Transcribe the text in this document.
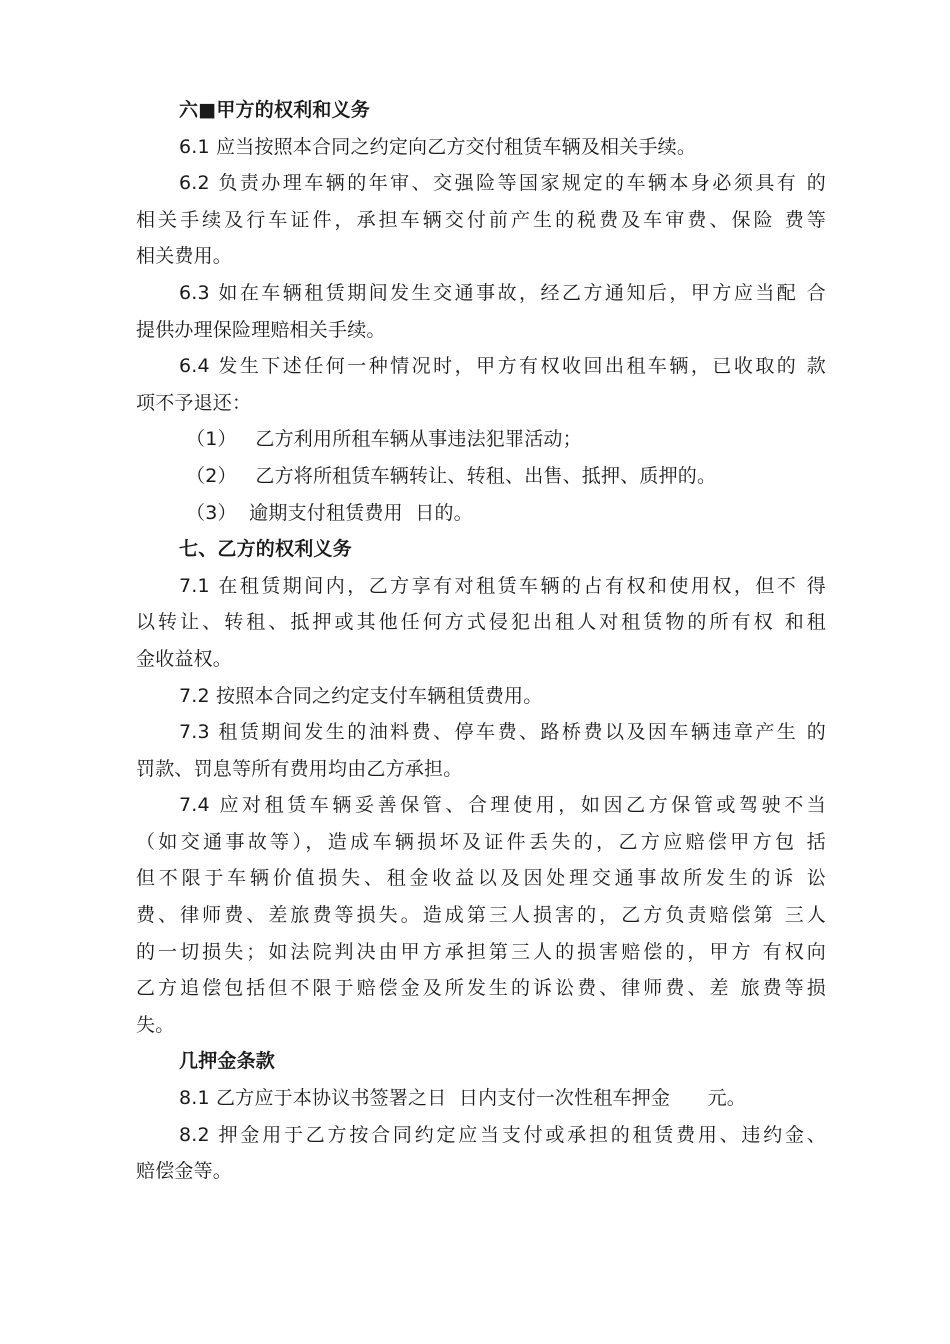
六■甲方的权利和义务
6.1 应当按照本合同之约定向乙方交付租赁车辆及相关手续。
6.2 负责办理车辆的年审、交强险等国家规定的车辆本身必须具有 的
相关手续及行车证件，承担车辆交付前产生的税费及车审费、保险 费等
相关费用。
6.3 如在车辆租赁期间发生交通事故，经乙方通知后，甲方应当配 合
提供办理保险理赔相关手续。
6.4 发生下述任何一种情况时，甲方有权收回出租车辆，已收取的 款
项不予退还：
（1）   乙方利用所租车辆从事违法犯罪活动；
（2）   乙方将所租赁车辆转让、转租、出售、抵押、质押的。
（3）  逾期支付租赁费用  日的。
七、乙方的权利义务
7.1 在租赁期间内，乙方享有对租赁车辆的占有权和使用权，但不 得
以转让、转租、抵押或其他任何方式侵犯出租人对租赁物的所有权 和租
金收益权。
7.2 按照本合同之约定支付车辆租赁费用。
7.3 租赁期间发生的油料费、停车费、路桥费以及因车辆违章产生 的
罚款、罚息等所有费用均由乙方承担。
7.4 应对租赁车辆妥善保管、合理使用，如因乙方保管或驾驶不当
（如交通事故等），造成车辆损坏及证件丢失的，乙方应赔偿甲方包 括
但不限于车辆价值损失、租金收益以及因处理交通事故所发生的诉 讼
费、律师费、差旅费等损失。造成第三人损害的，乙方负责赔偿第 三人
的一切损失；如法院判决由甲方承担第三人的损害赔偿的，甲方 有权向
乙方追偿包括但不限于赔偿金及所发生的诉讼费、律师费、差 旅费等损
失。
几押金条款
8.1 乙方应于本协议书签署之日  日内支付一次性租车押金      元。
8.2 押金用于乙方按合同约定应当支付或承担的租赁费用、违约金、
赔偿金等。
